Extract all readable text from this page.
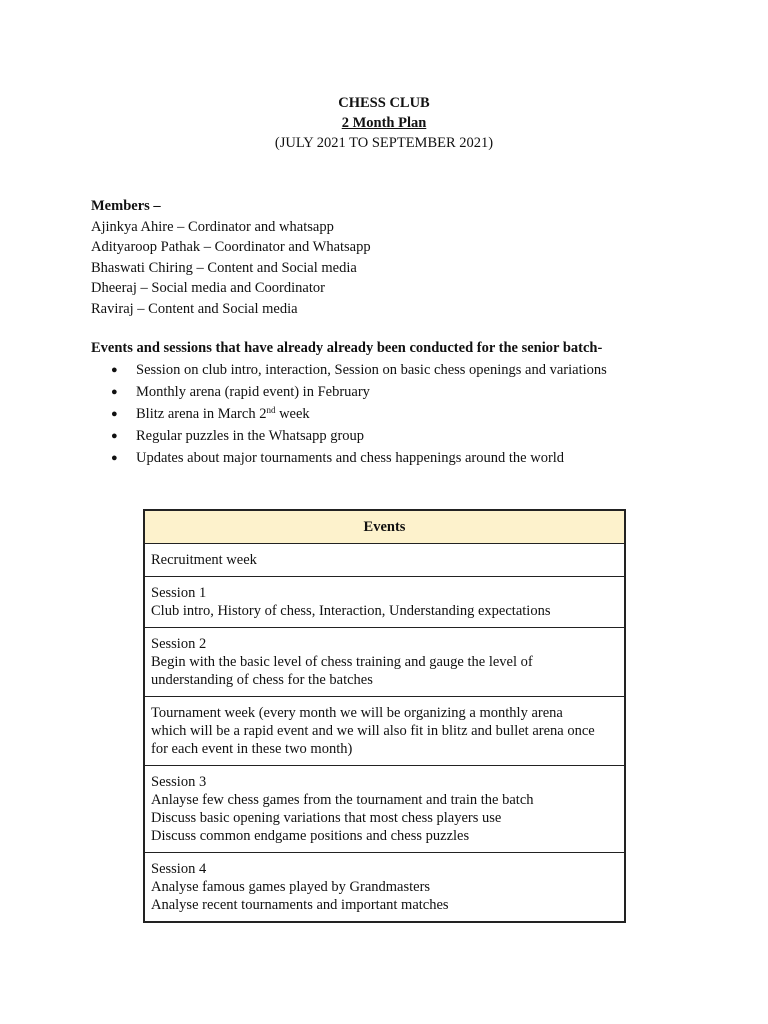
CHESS CLUB
2 Month Plan
(JULY 2021 TO SEPTEMBER 2021)
Members –
Ajinkya Ahire – Cordinator and whatsapp
Adityaroop Pathak – Coordinator and Whatsapp
Bhaswati Chiring – Content and Social media
Dheeraj – Social media and Coordinator
Raviraj – Content and Social media
Events and sessions that have already already been conducted for the senior batch-
● Session on club intro, interaction, Session on basic chess openings and variations
● Monthly arena (rapid event) in February
● Blitz arena in March 2nd week
● Regular puzzles in the Whatsapp group
● Updates about major tournaments and chess happenings around the world
Events

Recruitment week

Session 1
Club intro, History of chess, Interaction, Understanding expectations

Session 2
Begin with the basic level of chess training and gauge the level of
understanding of chess for the batches

Tournament week (every month we will be organizing a monthly arena
which will be a rapid event and we will also fit in blitz and bullet arena once
for each event in these two month)

Session 3
Anlayse few chess games from the tournament and train the batch
Discuss basic opening variations that most chess players use
Discuss common endgame positions and chess puzzles

Session 4
Analyse famous games played by Grandmasters
Analyse recent tournaments and important matches
